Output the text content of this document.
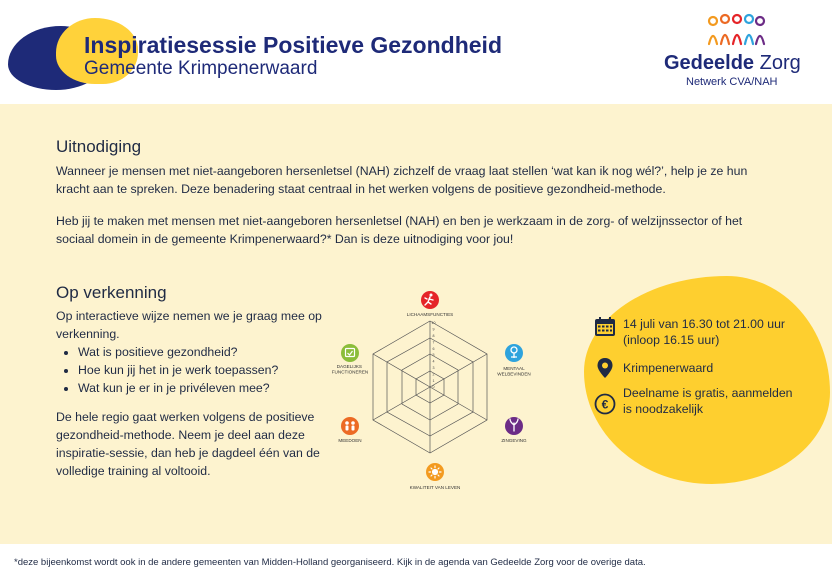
Inspiratiesessie Positieve Gezondheid
Gemeente Krimpenerwaard	Gedeelde Zorg
Netwerk CVA/NAH
Uitnodiging
Wanneer je mensen met niet-aangeboren hersenletsel (NAH) zichzelf de vraag laat stellen ‘wat kan ik nog wél?’, help je ze hun kracht aan te spreken. Deze benadering staat centraal in het werken volgens de positieve gezondheid-methode.
Heb jij te maken met mensen met niet-aangeboren hersenletsel (NAH) en ben je werkzaam in de zorg- of welzijnssector of het sociaal domein in de gemeente Krimpenerwaard?* Dan is deze uitnodiging voor jou!
Op verkenning
Op interactieve wijze nemen we je graag mee op verkenning.
• Wat is positieve gezondheid?
• Hoe kun jij het in je werk toepassen?
• Wat kun je er in je privéleven mee?
De hele regio gaat werken volgens de positieve gezondheid-methode. Neem je deel aan deze inspiratie-sessie, dan heb je dagdeel één van de volledige training al voltooid.
10
9
8
7
6
5
4
3
2
1
0
LICHAAMSFUNCTIES
MENTAAL WELBEVINDEN
ZINGEVING
KWALITEIT VAN LEVEN
MEEDOEN
DAGELIJKS FUNCTIONEREN
14 juli van 16.30 tot 21.00 uur (inloop 16.15 uur)
Krimpenerwaard
€
Deelname is gratis, aanmelden is noodzakelijk
*deze bijeenkomst wordt ook in de andere gemeenten van Midden-Holland georganiseerd. Kijk in de agenda van Gedeelde Zorg voor de overige data.
